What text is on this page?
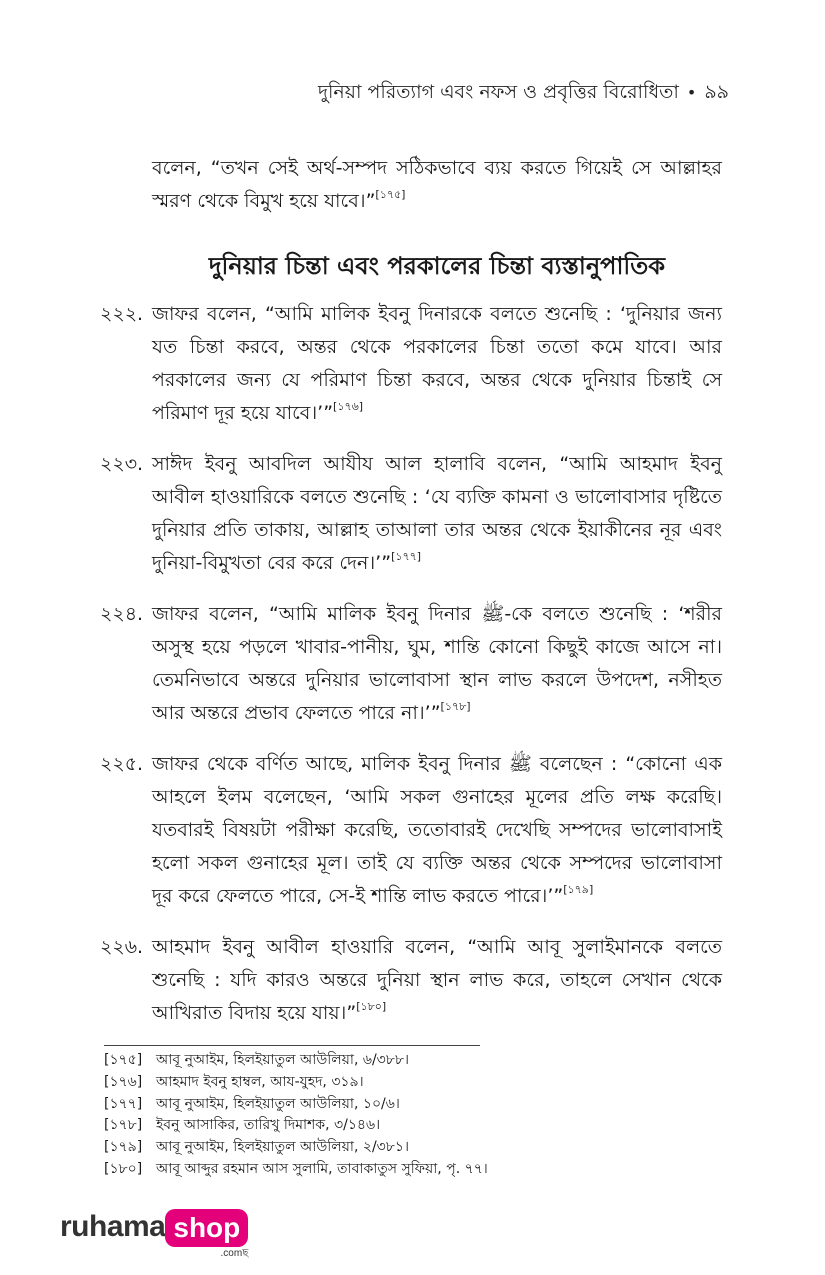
দুনিয়া পরিত্যাগ এবং নফস ও প্রবৃত্তির বিরোধিতা • ৯৯

বলেন, “তখন সেই অর্থ-সম্পদ সঠিকভাবে ব্যয় করতে গিয়েই সে আল্লাহর স্মরণ থেকে বিমুখ হয়ে যাবে।”[১৭৫]

দুনিয়ার চিন্তা এবং পরকালের চিন্তা ব্যস্তানুপাতিক
২২২. জাফর বলেন, “আমি মালিক ইবনু দিনারকে বলতে শুনেছি : ‘দুনিয়ার জন্য যত চিন্তা করবে, অন্তর থেকে পরকালের চিন্তা ততো কমে যাবে। আর পরকালের জন্য যে পরিমাণ চিন্তা করবে, অন্তর থেকে দুনিয়ার চিন্তাই সে পরিমাণ দূর হয়ে যাবে।’”[১৭৬]

২২৩. সাঈদ ইবনু আবদিল আযীয আল হালাবি বলেন, “আমি আহমাদ ইবনু আবীল হাওয়ারিকে বলতে শুনেছি : ‘যে ব্যক্তি কামনা ও ভালোবাসার দৃষ্টিতে দুনিয়ার প্রতি তাকায়, আল্লাহ তাআলা তার অন্তর থেকে ইয়াকীনের নূর এবং দুনিয়া-বিমুখতা বের করে দেন।’”[১৭৭]

২২৪. জাফর বলেন, “আমি মালিক ইবনু দিনার ﷺ-কে বলতে শুনেছি : ‘শরীর অসুস্থ হয়ে পড়লে খাবার-পানীয়, ঘুম, শান্তি কোনো কিছুই কাজে আসে না। তেমনিভাবে অন্তরে দুনিয়ার ভালোবাসা স্থান লাভ করলে উপদেশ, নসীহত আর অন্তরে প্রভাব ফেলতে পারে না।’”[১৭৮]

২২৫. জাফর থেকে বর্ণিত আছে, মালিক ইবনু দিনার ﷺ বলেছেন : “কোনো এক আহলে ইলম বলেছেন, ‘আমি সকল গুনাহের মূলের প্রতি লক্ষ করেছি। যতবারই বিষয়টা পরীক্ষা করেছি, ততোবারই দেখেছি সম্পদের ভালোবাসাই হলো সকল গুনাহের মূল। তাই যে ব্যক্তি অন্তর থেকে সম্পদের ভালোবাসা দূর করে ফেলতে পারে, সে-ই শান্তি লাভ করতে পারে।’”[১৭৯]

২২৬. আহমাদ ইবনু আবীল হাওয়ারি বলেন, “আমি আবূ সুলাইমানকে বলতে শুনেছি : যদি কারও অন্তরে দুনিয়া স্থান লাভ করে, তাহলে সেখান থেকে আখিরাত বিদায় হয়ে যায়।”[১৮০]

[১৭৫] আবূ নুআইম, হিলইয়াতুল আউলিয়া, ৬/৩৮৮।
[১৭৬] আহমাদ ইবনু হাম্বল, আয-যুহদ, ৩১৯।
[১৭৭] আবূ নুআইম, হিলইয়াতুল আউলিয়া, ১০/৬।
[১৭৮] ইবনু আসাকির, তারিখু দিমাশক, ৩/১৪৬।
[১৭৯] আবূ নুআইম, হিলইয়াতুল আউলিয়া, ২/৩৮১।
[১৮০] আবূ আব্দুর রহমান আস সুলামি, তাবাকাতুস সুফিয়া, পৃ. ৭৭।
ruhama shop
.comছ
